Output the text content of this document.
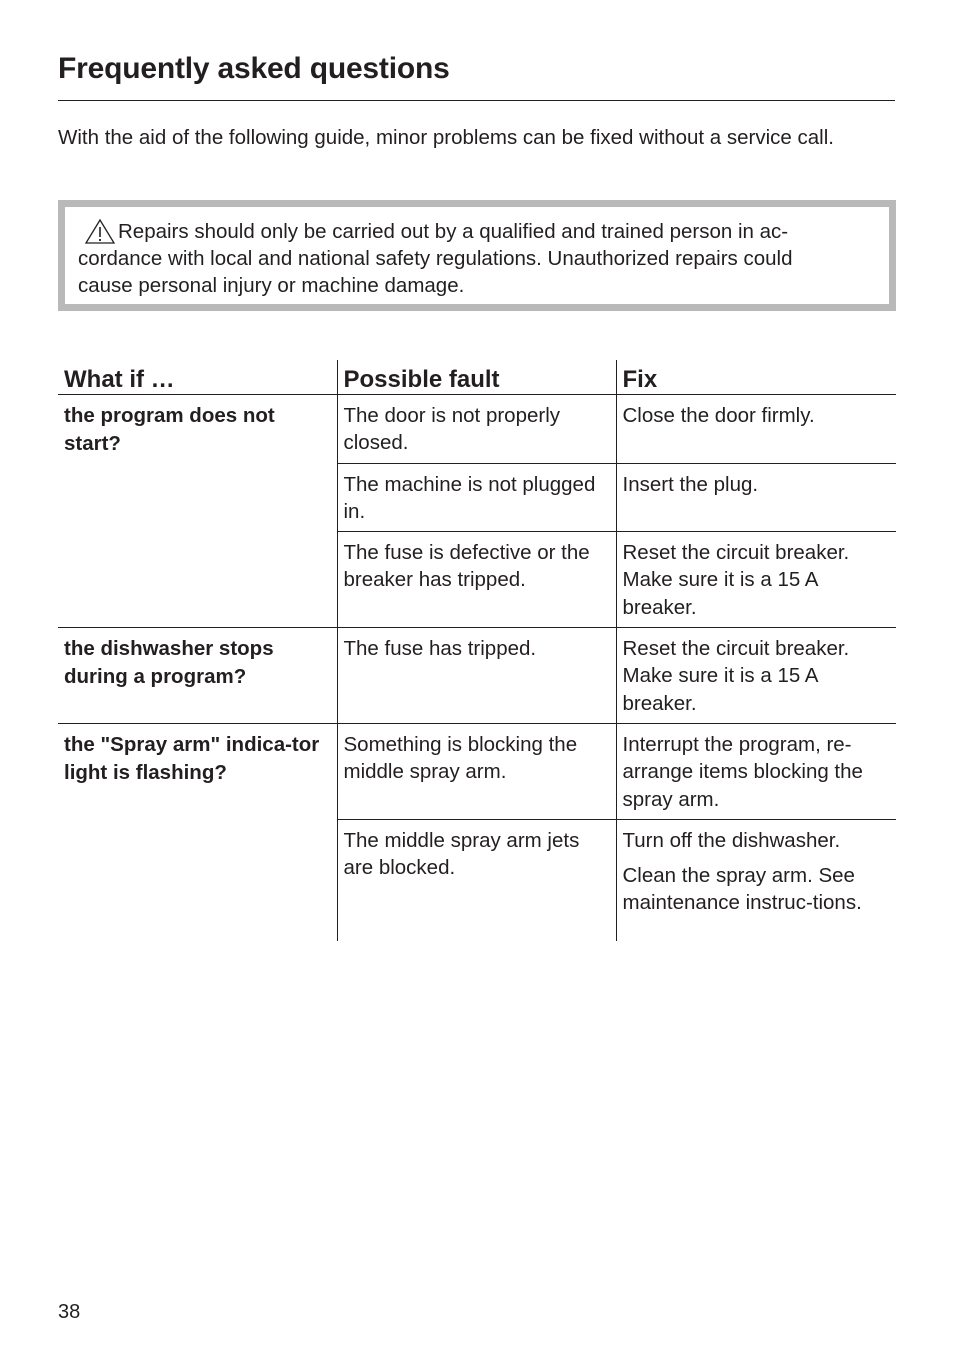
Frequently asked questions
With the aid of the following guide, minor problems can be fixed without a service call.
Repairs should only be carried out by a qualified and trained person in ac-
cordance with local and national safety regulations. Unauthorized repairs could
cause personal injury or machine damage.
What if …	Possible fault	Fix
the program does not start?	The door is not properly closed.	Close the door firmly.

	The machine is not plugged in.	Insert the plug.

	The fuse is defective or the breaker has tripped.	Reset the circuit breaker. Make sure it is a 15 A breaker.

the dishwasher stops during a program?	The fuse has tripped.	Reset the circuit breaker. Make sure it is a 15 A breaker.

the "Spray arm" indica-tor light is flashing?	Something is blocking the middle spray arm.	Interrupt the program, re-arrange items blocking the spray arm.

	The middle spray arm jets are blocked.	Turn off the dishwasher.
Clean the spray arm. See maintenance instruc-tions.
38
